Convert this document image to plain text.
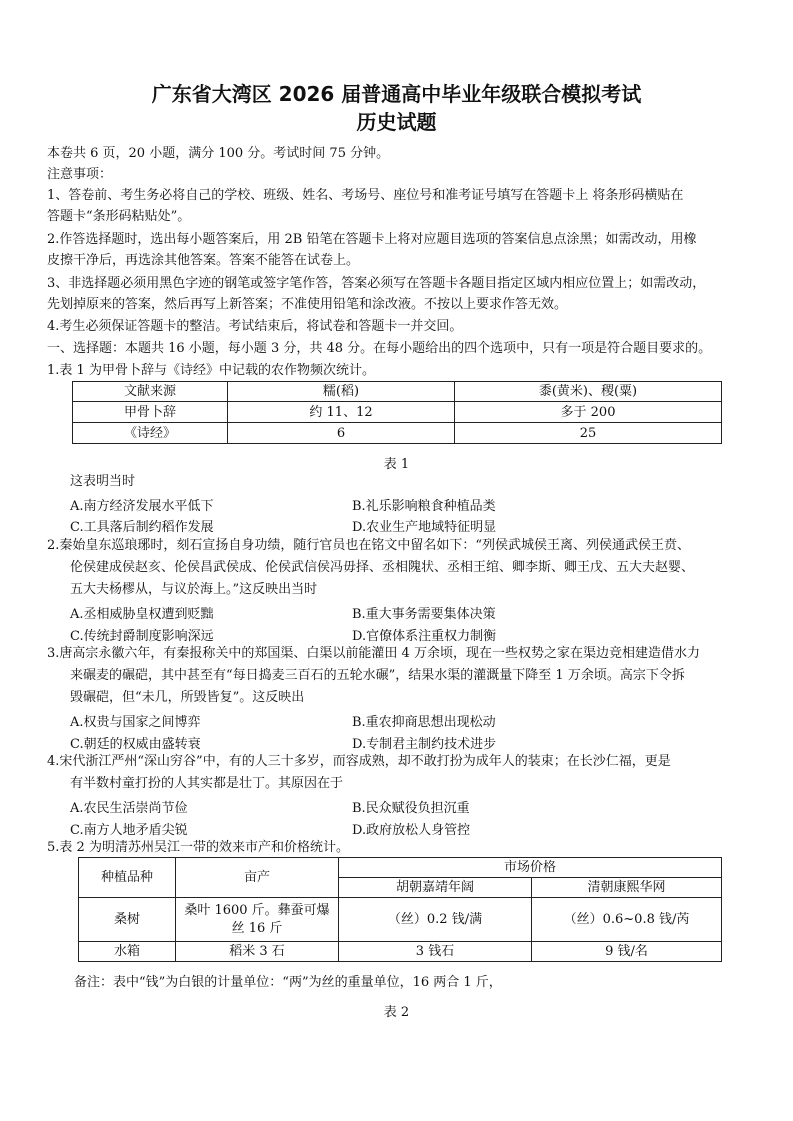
广东省大湾区 2026 届普通高中毕业年级联合模拟考试
历史试题
本卷共 6 页，20 小题，满分 100 分。考试时间 75 分钟。
注意事项：
1、答卷前、考生务必将自己的学校、班级、姓名、考场号、座位号和准考证号填写在答题卡上 将条形码横贴在
答题卡“条形码粘贴处”。
2.作答选择题时，选出每小题答案后，用 2B 铅笔在答题卡上将对应题目选项的答案信息点涂黑；如需改动，用橡
皮擦干净后，再选涂其他答案。答案不能答在试卷上。
3、非选择题必须用黑色字迹的钢笔或签字笔作答，答案必须写在答题卡各题目指定区域内相应位置上；如需改动，
先划掉原来的答案，然后再写上新答案；不准使用铅笔和涂改液。不按以上要求作答无效。
4.考生必须保证答题卡的整洁。考试结束后，将试卷和答题卡一并交回。
一、选择题：本题共 16 小题，每小题 3 分，共 48 分。在每小题给出的四个选项中，只有一项是符合题目要求的。
1.表 1 为甲骨卜辞与《诗经》中记载的农作物频次统计。
文献来源	糯(稻)	黍(黄米)、稷(粟)
甲骨卜辞	约 11、12	多于 200
《诗经》	6	25
表 1
这表明当时
A.南方经济发展水平低下	B.礼乐影响粮食种植品类
C.工具落后制约稻作发展	D.农业生产地域特征明显
2.秦始皇东巡琅琊时，刻石宣扬自身功绩，随行官员也在铭文中留名如下：“列侯武城侯王离、列侯通武侯王贲、
伦侯建成侯赵亥、伦侯昌武侯成、伦侯武信侯冯毋择、丞相隗状、丞相王绾、卿李斯、卿王戊、五大夫赵婴、
五大夫杨樛从，与议於海上。”这反映出当时
A.丞相威胁皇权遭到贬黜	B.重大事务需要集体决策
C.传统封爵制度影响深远	D.官僚体系注重权力制衡
3.唐高宗永徽六年，有秦报称关中的郑国渠、白渠以前能灌田 4 万余顷，现在一些权势之家在渠边竞相建造借水力
来碾麦的碾硙，其中甚至有“每日捣麦三百石的五轮水碾”，结果水渠的灌溉量下降至 1 万余顷。高宗下令拆
毁碾硙，但“未几，所毁皆复”。这反映出
A.权贵与国家之间博弈	B.重农抑商思想出现松动
C.朝廷的权威由盛转衰	D.专制君主制约技术进步
4.宋代浙江严州“深山穷谷”中，有的人三十多岁，而容成熟，却不敢打扮为成年人的装束；在长沙仁福，更是
有半数村童打扮的人其实都是壮丁。其原因在于
A.农民生活崇尚节俭	B.民众赋役负担沉重
C.南方人地矛盾尖锐	D.政府放松人身管控
5.表 2 为明清苏州吴江一带的效来市产和价格统计。
种植品种	亩产	市场价格	
		胡朝嘉靖年阔	清朝康熙华网
桑树	桑叶 1600 斤。彝蚕可爆丝 16 斤	（丝）0.2 钱/满	（丝）0.6~0.8 钱/芮
水箱	稻米 3 石	3 钱石	9 钱/名
备注：表中“钱”为白银的计量单位：“两”为丝的重量单位，16 两合 1 斤，
表 2
